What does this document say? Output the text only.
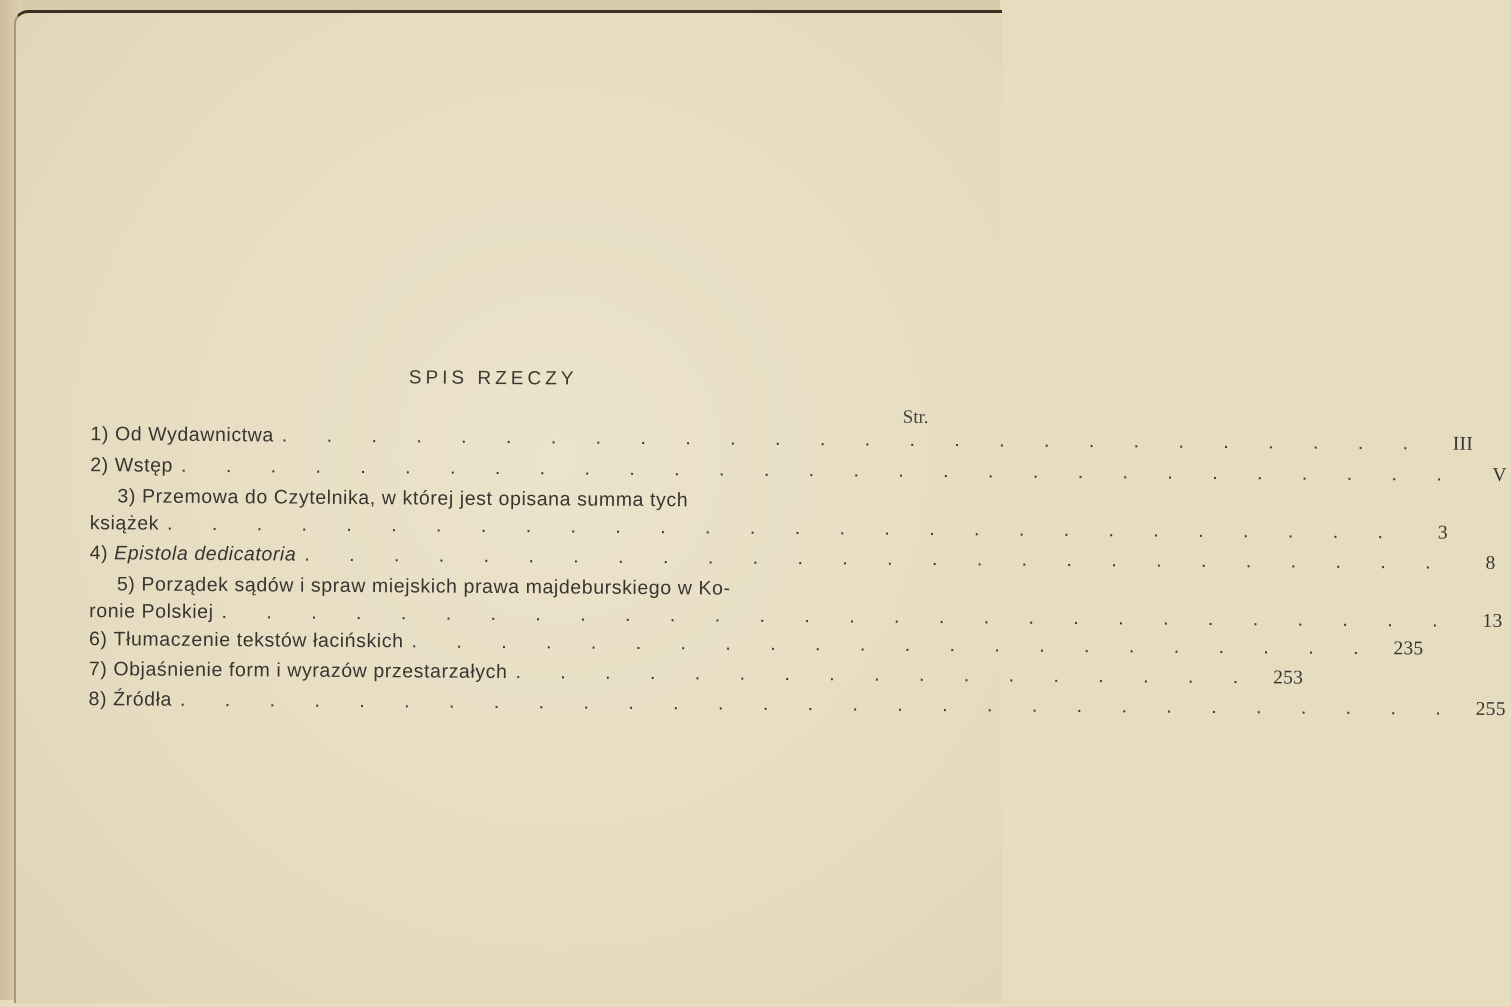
SPIS RZECZY
Str.
1) Od Wydawnictwa . . . . . . . . . . . . . . . . . . . . . . . . . .	III
2) Wstęp . . . . . . . . . . . . . . . . . . . . . . . . . . . . .	V
3) Przemowa do Czytelnika, w której jest opisana summa tych
książek . . . . . . . . . . . . . . . . . . . . . . . . . . . .	3
4) Epistola dedicatoria . . . . . . . . . . . . . . . . . . . . . . . . . .	8
5) Porządek sądów i spraw miejskich prawa majdeburskiego w Ko-
ronie Polskiej . . . . . . . . . . . . . . . . . . . . . . . . . . . .	13
6) Tłumaczenie tekstów łacińskich . . . . . . . . . . . . . . . . . . . . . . 235
7) Objaśnienie form i wyrazów przestarzałych . . . . . . . . . . . . . . . . . 253
8) Źródła . . . . . . . . . . . . . . . . . . . . . . . . . . . . . 255
